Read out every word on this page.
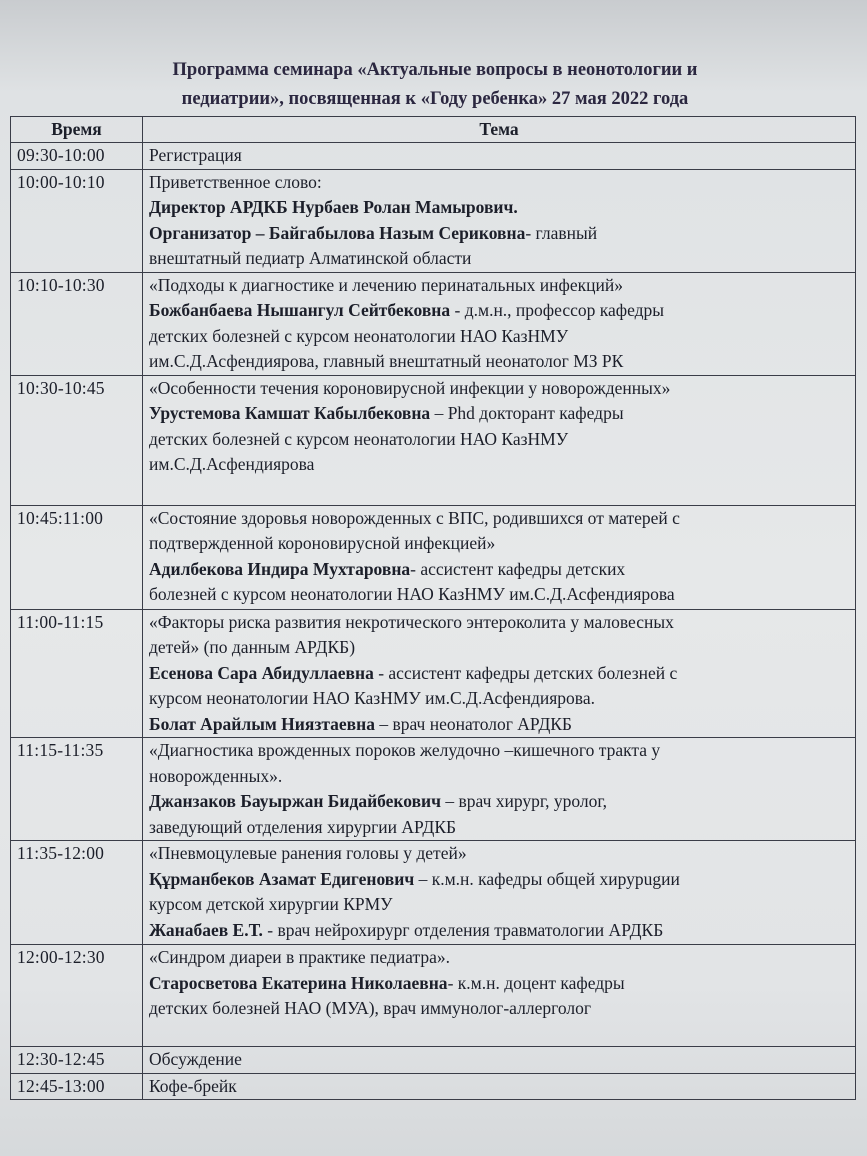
Программа семинара «Актуальные вопросы в неонотологии и
педиатрии», посвященная к «Году ребенка» 27 мая 2022 года
Время	Тема
09:30-10:00	Регистрация

10:00-10:10	Приветственное слово:

Директор АРДКБ Нурбаев Ролан Мамырович.

Организатор – Байгабылова Назым Сериковна- главный

внештатный педиатр Алматинской области

10:10-10:30	«Подходы к диагностике и лечению перинатальных инфекций»

Божбанбаева Нышангул Сейтбековна - д.м.н., профессор кафедры

детских болезней с курсом неонатологии НАО КазНМУ

им.С.Д.Асфендиярова, главный внештатный неонатолог МЗ РК

10:30-10:45	«Особенности течения короновирусной инфекции у новорожденных»

Урустемова Камшат Кабылбековна – Phd докторант кафедры

детских болезней с курсом неонатологии НАО КазНМУ

им.С.Д.Асфендиярова

10:45:11:00	«Состояние здоровья новорожденных с ВПС, родившихся от матерей с

подтвержденной короновирусной инфекцией»

Адилбекова Индира Мухтаровна- ассистент кафедры детских

болезней с курсом неонатологии НАО КазНМУ им.С.Д.Асфендиярова

11:00-11:15	«Факторы риска развития некротического энтероколита у маловесных

детей» (по данным АРДКБ)

Есенова Сара Абидуллаевна - ассистент кафедры детских болезней с

курсом неонатологии НАО КазНМУ им.С.Д.Асфендиярова.

Болат Арайлым Ниязтаевна – врач неонатолог АРДКБ

11:15-11:35	«Диагностика врожденных пороков желудочно –кишечного тракта у

новорожденных».

Джанзаков Бауыржан Бидайбекович – врач хирург, уролог,

заведующий отделения хирургии АРДКБ

11:35-12:00	«Пневмоцулевые ранения головы у детей»

Құрманбеков Азамат Едигенович – к.м.н. кафедры общей хирурugии

курсом детской хирургии КРМУ

Жанабаев Е.Т. - врач нейрохирург отделения травматологии АРДКБ

12:00-12:30	«Синдром диареи в практике педиатра».

Старосветова Екатерина Николаевна- к.м.н. доцент кафедры

детских болезней НАО (МУА), врач иммунолог-аллерголог

12:30-12:45	Обсуждение

12:45-13:00	Кофе-брейк
